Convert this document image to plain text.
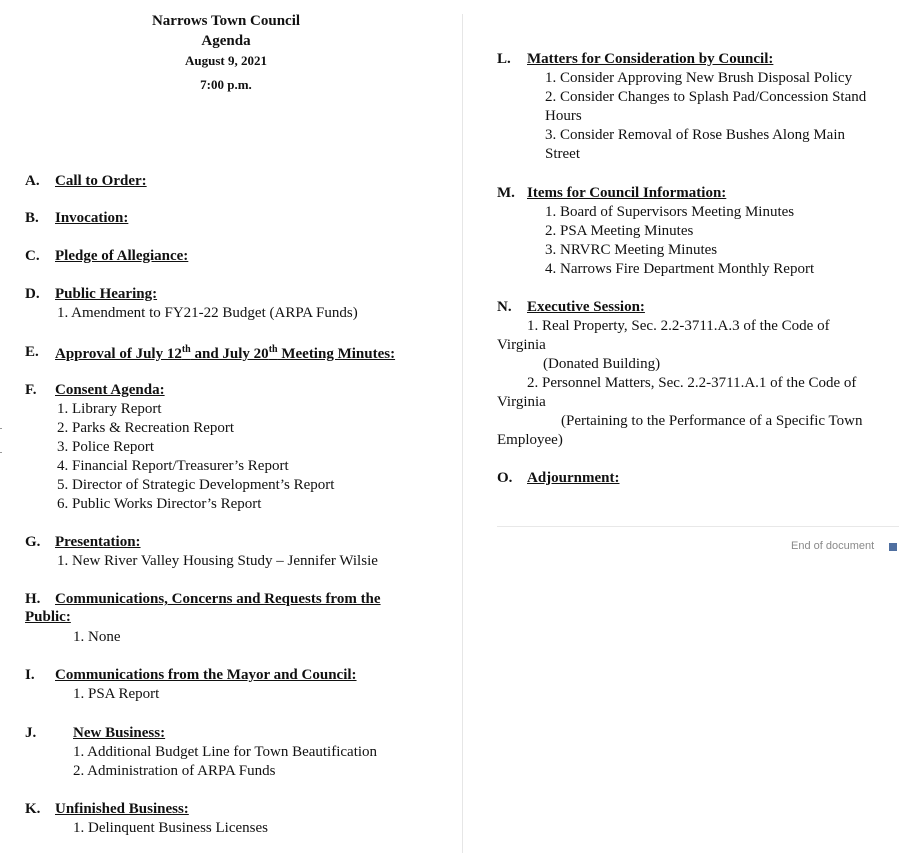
Narrows Town Council
Agenda
August 9, 2021
7:00 p.m.
A. Call to Order:
B. Invocation:
C. Pledge of Allegiance:
D. Public Hearing:
1. Amendment to FY21-22 Budget (ARPA Funds)
E. Approval of July 12th and July 20th Meeting Minutes:
F. Consent Agenda:
1. Library Report
2. Parks & Recreation Report
3. Police Report
4. Financial Report/Treasurer’s Report
5. Director of Strategic Development’s Report
6. Public Works Director’s Report
G. Presentation:
1. New River Valley Housing Study – Jennifer Wilsie
H. Communications, Concerns and Requests from the
Public:
1. None
I. Communications from the Mayor and Council:
1. PSA Report
J. New Business:
1. Additional Budget Line for Town Beautification
2. Administration of ARPA Funds
K. Unfinished Business:
1. Delinquent Business Licenses
L. Matters for Consideration by Council:
1. Consider Approving New Brush Disposal Policy
2. Consider Changes to Splash Pad/Concession Stand
Hours
3. Consider Removal of Rose Bushes Along Main
Street
M. Items for Council Information:
1. Board of Supervisors Meeting Minutes
2. PSA Meeting Minutes
3. NRVRC Meeting Minutes
4. Narrows Fire Department Monthly Report
N. Executive Session:
1. Real Property, Sec. 2.2-3711.A.3 of the Code of
Virginia
(Donated Building)
2. Personnel Matters, Sec. 2.2-3711.A.1 of the Code of
Virginia
(Pertaining to the Performance of a Specific Town
Employee)
O. Adjournment:
End of document
